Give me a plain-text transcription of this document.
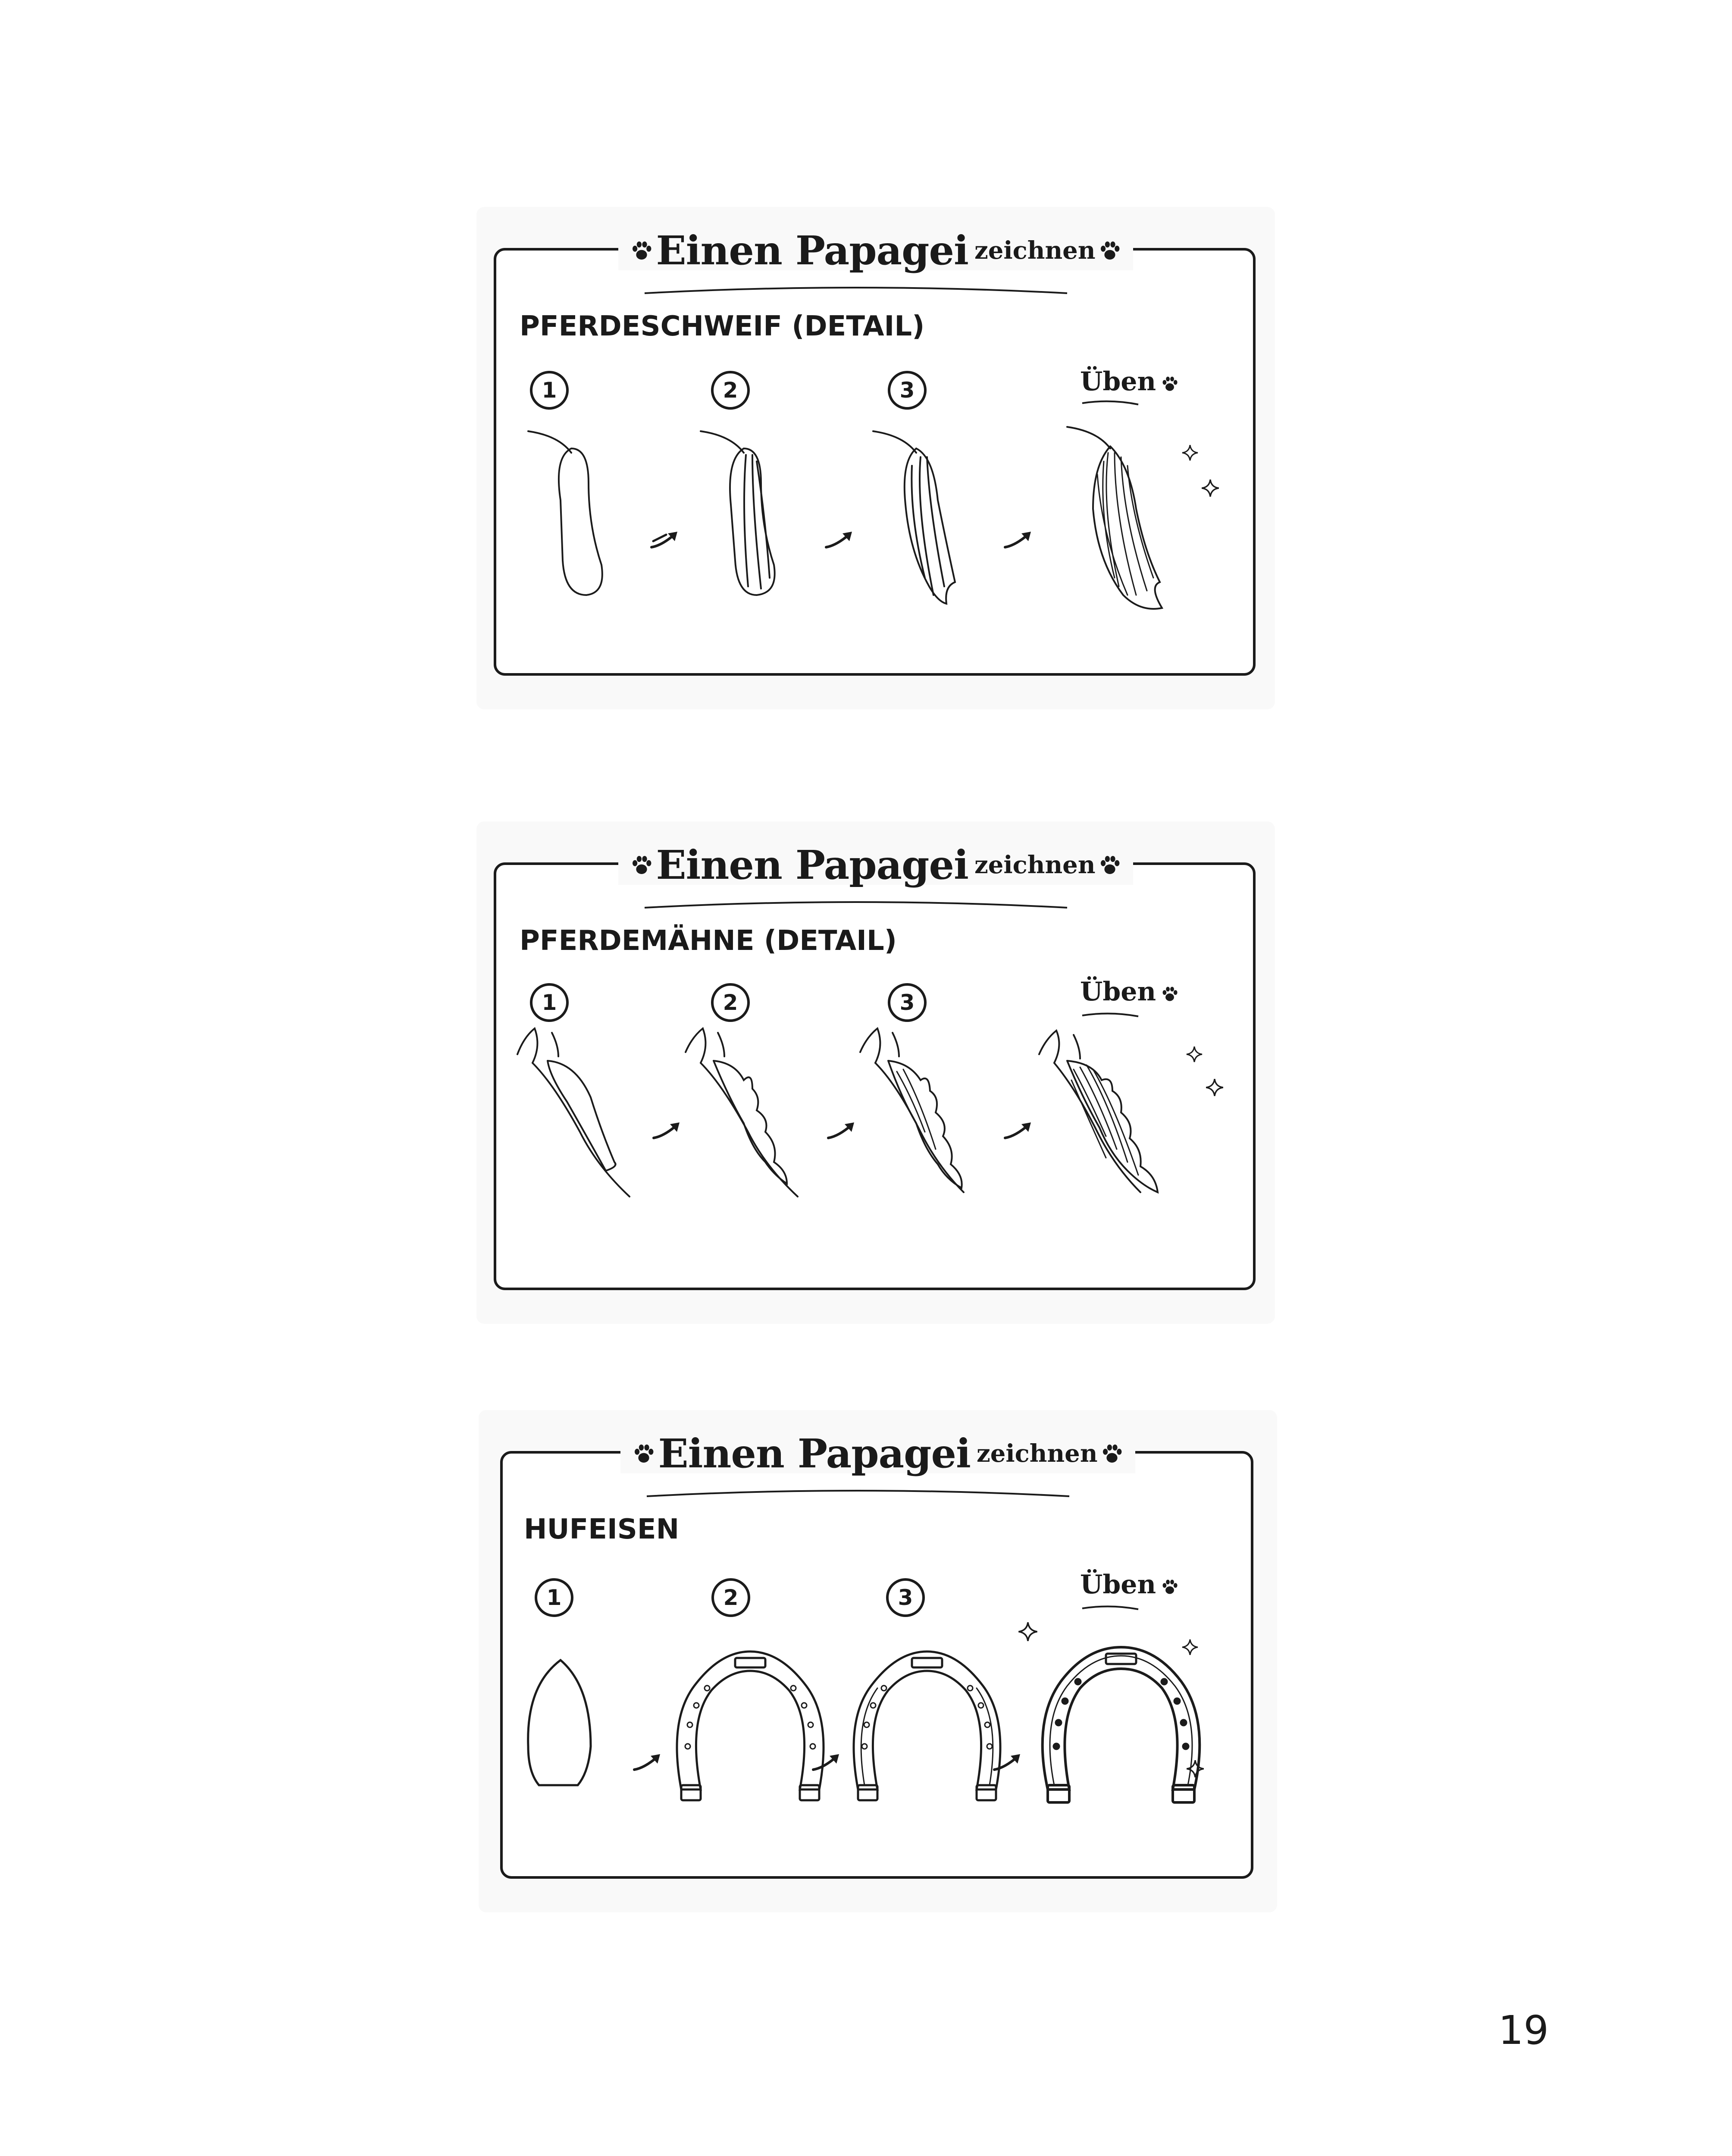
Einen Papagei zeichnen
PFERDESCHWEIF (DETAIL)
1	2	3	Üben
Einen Papagei zeichnen
PFERDEMÄHNE (DETAIL)
1	2	3	Üben
Einen Papagei zeichnen
HUFEISEN
1	2	3	Üben
19
